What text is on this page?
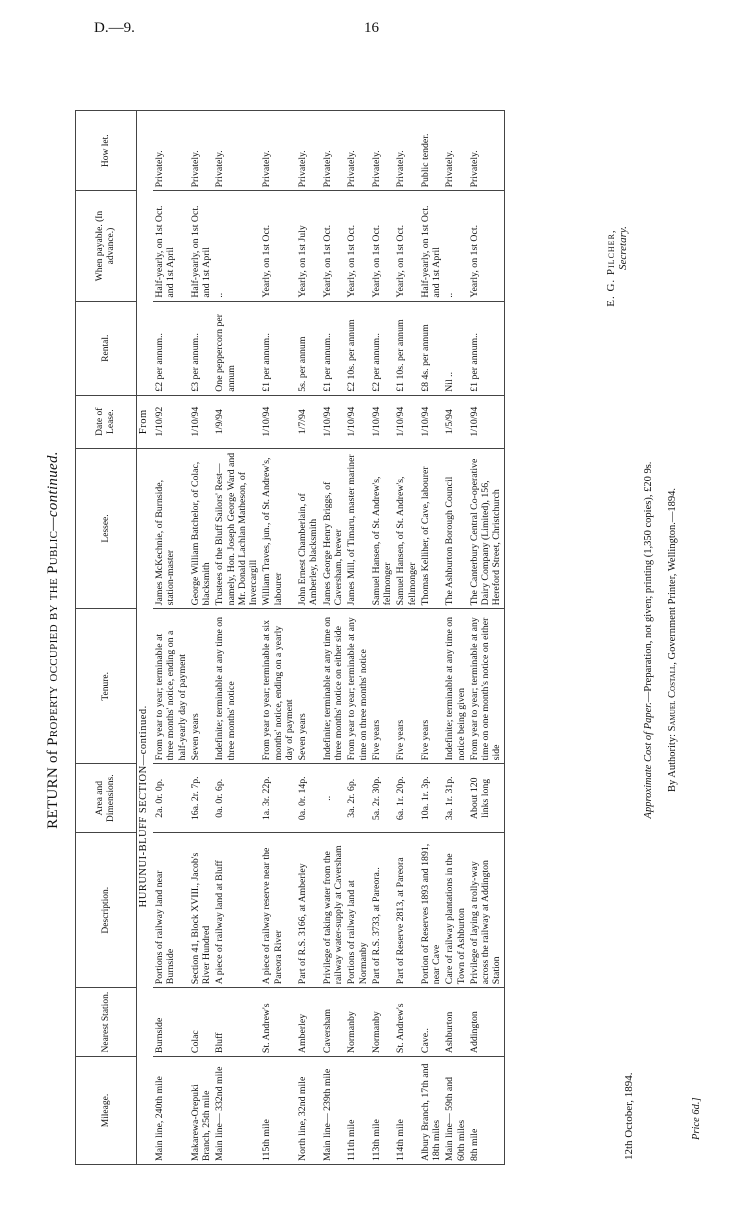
D.—9.	16
RETURN of Property occupied by the Public—continued.
Mileage.	Nearest Station.	Description.	Area and Dimensions.	Tenure.	Lessee.	Date of Lease.	Rental.	When payable. (In advance.)	How let.
HURUNUI-BLUFF SECTION—continued.						From			
Main line, 240th mile	Burnside	Portions of railway land near Burnside	2a. 0r. 0p.	From year to year; terminable at three months' notice, ending on a half-yearly day of payment	James McKechnie, of Burnside, station-master	1/10/92	£2 per annum..	Half-yearly, on 1st Oct. and 1st April	Privately.
Makarewa-Orepuki Branch, 25th mile	Colac	Section 41, Block XVIII., Jacob's River Hundred	16a. 2r. 7p.	Seven years	George William Batchelor, of Colac, blacksmith	1/10/94	£3 per annum..	Half-yearly, on 1st Oct. and 1st April	Privately.
Main line— 332nd mile	Bluff	A piece of railway land at Bluff	0a. 0r. 6p.	Indefinite; terminable at any time on three months' notice	Trustees of the Bluff Sailors' Rest—namely, Hon. Joseph George Ward and Mr. Donald Lachlan Matheson, of Invercargill	1/9/94	One peppercorn per annum	..	Privately.
115th mile	St. Andrew's	A piece of railway reserve near the Pareora River	1a. 3r. 22p.	From year to year; terminable at six months' notice, ending on a yearly day of payment	William Traves, jun., of St. Andrew's, labourer	1/10/94	£1 per annum..	Yearly, on 1st Oct.	Privately.
North line, 32nd mile	Amberley	Part of R.S. 3166, at Amberley	0a. 0r. 14p.	Seven years	John Ernest Chamberlain, of Amberley, blacksmith	1/7/94	5s. per annum	Yearly, on 1st July	Privately.
Main line— 239th mile	Caversham	Privilege of taking water from the railway water-supply at Caversham	..	Indefinite; terminable at any time on three months' notice on either side	James George Henry Briggs, of Caversham, brewer	1/10/94	£1 per annum..	Yearly, on 1st Oct.	Privately.
111th mile	Normanby	Portions of railway land at Normanby	3a. 2r. 6p.	From year to year; terminable at any time on three months' notice	James Mill, of Timaru, master mariner	1/10/94	£2 10s. per annum	Yearly, on 1st Oct.	Privately.
113th mile	Normanby	Part of R.S. 3733, at Pareora..	5a. 2r. 30p.	Five years	Samuel Hansen, of St. Andrew's, fellmonger	1/10/94	£2 per annum..	Yearly, on 1st Oct.	Privately.
114th mile	St. Andrew's	Part of Reserve 2813, at Pareora	6a. 1r. 20p.	Five years	Samuel Hansen, of St. Andrew's, fellmonger	1/10/94	£1 10s. per annum	Yearly, on 1st Oct.	Privately.
Albury Branch, 17th and 18th miles	Cave..	Portion of Reserves 1893 and 1891, near Cave	10a. 1r. 3p.	Five years	Thomas Kelliher, of Cave, labourer	1/10/94	£8 4s. per annum	Half-yearly, on 1st Oct. and 1st April	Public tender.
Main line— 59th and 60th miles	Ashburton	Care of railway plantations in the Town of Ashburton	3a. 1r. 31p.	Indefinite; terminable at any time on notice being given	The Ashburton Borough Council	1/5/94	Nil ..	..	Privately.
8th mile	Addington	Privilege of laying a trolly-way across the railway at Addington Station	About 120 links long	From year to year; terminable at any time on one month's notice on either side	The Canterbury Central Co-operative Dairy Company (Limited), 156, Hereford Street, Christchurch	1/10/94	£1 per annum..	Yearly, on 1st Oct.	Privately.
12th October, 1894.
E. G. Pilcher, Secretary.
Approximate Cost of Paper.—Preparation, not given; printing (1,350 copies), £20 9s.
By Authority: Samuel Costall, Government Printer, Wellington.—1894.
Price 6d.]
